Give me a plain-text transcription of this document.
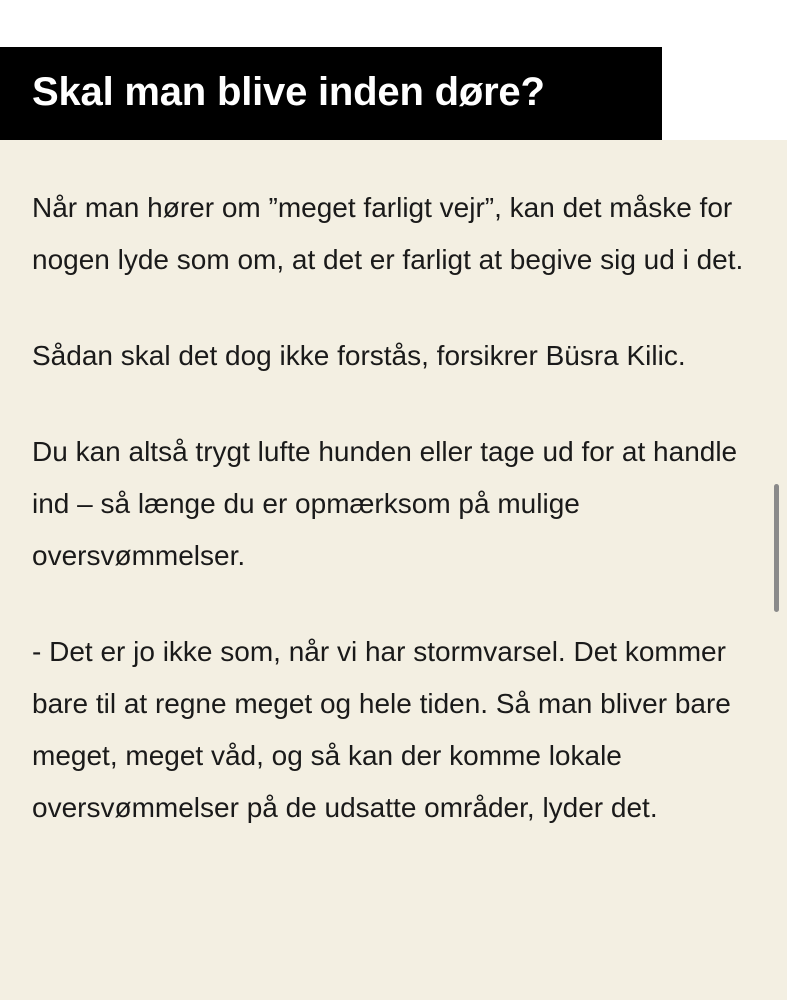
Skal man blive inden døre?

Når man hører om ”meget farligt vejr”, kan det måske for nogen lyde som om, at det er farligt at begive sig ud i det.

Sådan skal det dog ikke forstås, forsikrer Büsra Kilic.

Du kan altså trygt lufte hunden eller tage ud for at handle ind – så længe du er opmærksom på mulige oversvømmelser.

- Det er jo ikke som, når vi har stormvarsel. Det kommer bare til at regne meget og hele tiden. Så man bliver bare meget, meget våd, og så kan der komme lokale oversvømmelser på de udsatte områder, lyder det.
